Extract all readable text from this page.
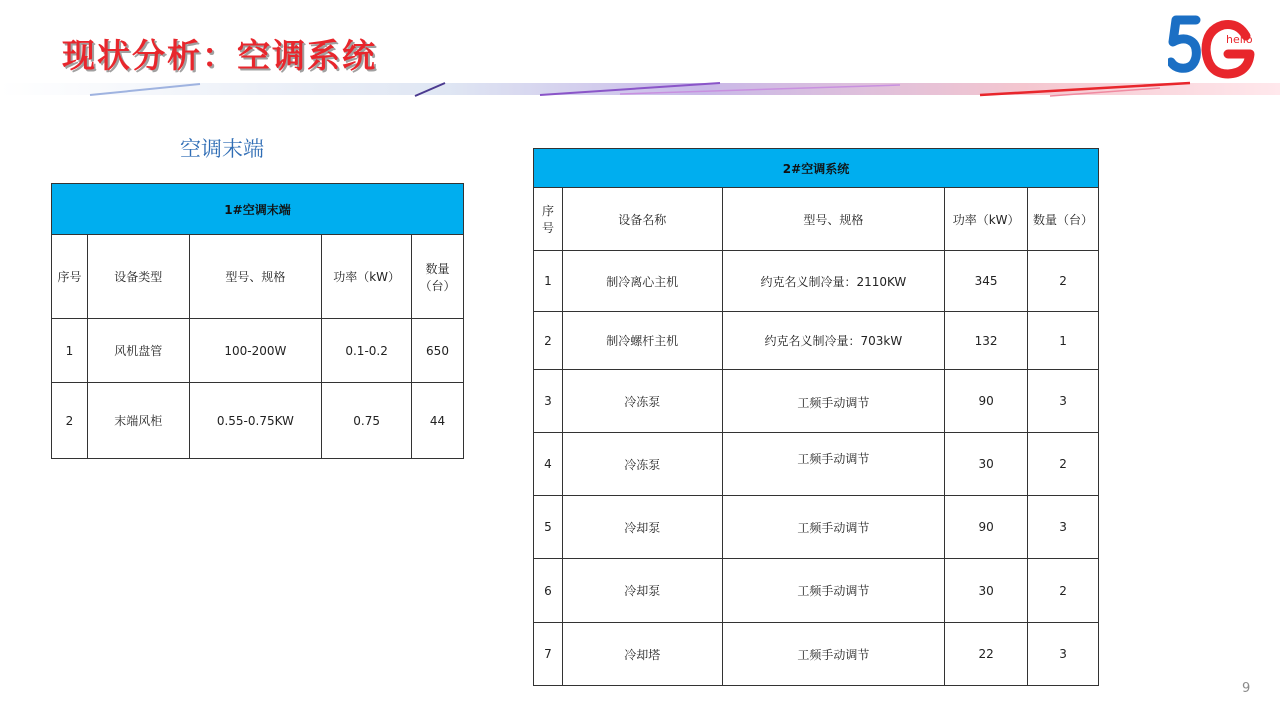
现状分析：空调系统	hello
空调末端
1#空调末端				
序号	设备类型	型号、规格	功率（kW）	数量（台）
1	风机盘管	100-200W	0.1-0.2	650
2	末端风柜	0.55-0.75KW	0.75	44
2#空调系统				
序号	设备名称	型号、规格	功率（kW）	数量（台）
1	制冷离心主机	约克名义制冷量：2110KW	345	2
2	制冷螺杆主机	约克名义制冷量：703kW	132	1
3	冷冻泵	工频手动调节	90	3
4	冷冻泵	工频手动调节	30	2
5	冷却泵	工频手动调节	90	3
6	冷却泵	工频手动调节	30	2
7	冷却塔	工频手动调节	22	3
9
